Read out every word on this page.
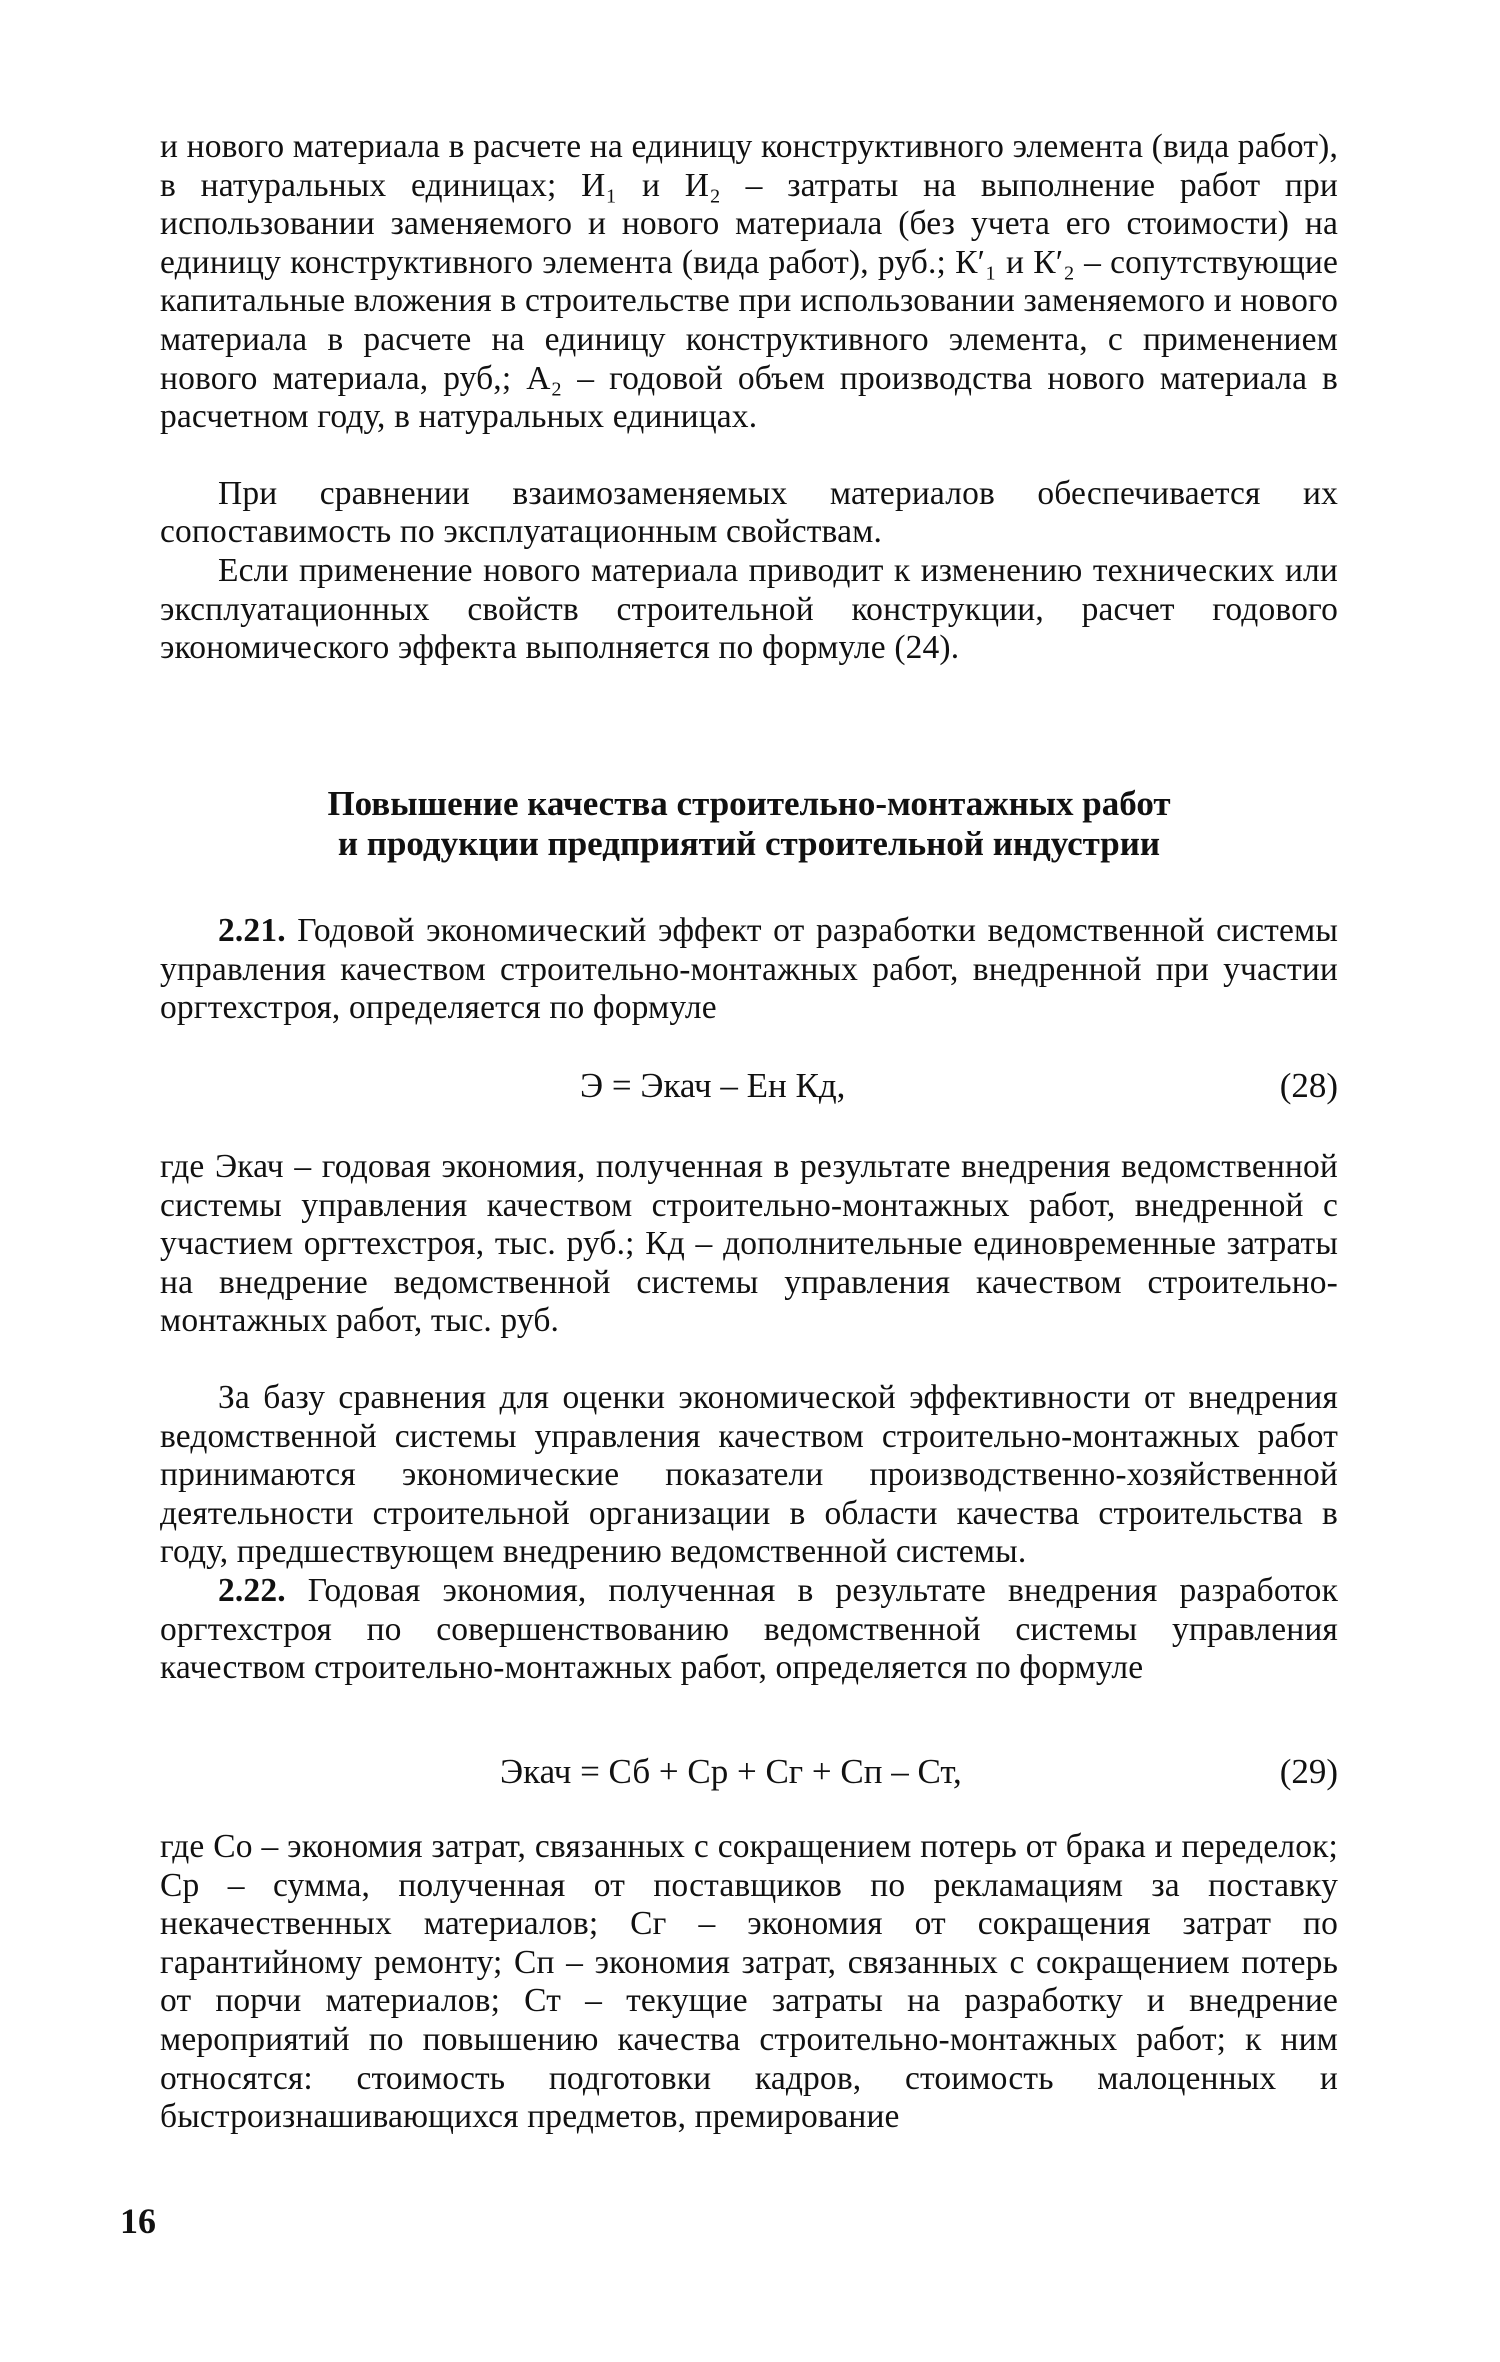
и нового материала в расчете на единицу конструктивного элемента (вида работ), в натуральных единицах; И₁ и И₂ – затраты на выполнение работ при использовании заменяемого и нового материала (без учета его стоимости) на единицу конструктивного элемента (вида работ), руб.; К′₁ и К′₂ – сопутствующие капитальные вложения в строительстве при использовании заменяемого и нового материала в расчете на единицу конструктивного элемента, с применением нового материала, руб,; А₂ – годовой объем производства нового материала в расчетном году, в натуральных единицах.

При сравнении взаимозаменяемых материалов обеспечивается их сопоставимость по эксплуатационным свойствам.

Если применение нового материала приводит к изменению технических или эксплуатационных свойств строительной конструкции, расчет годового экономического эффекта выполняется по формуле (24).

Повышение качества строительно-монтажных работ
и продукции предприятий строительной индустрии

2.21. Годовой экономический эффект от разработки ведомственной системы управления качеством строительно-монтажных работ, внедренной при участии оргтехстроя, определяется по формуле

Э = Экач – Ен Кд,	(28)

где Экач – годовая экономия, полученная в результате внедрения ведомственной системы управления качеством строительно-монтажных работ, внедренной с участием оргтехстроя, тыс. руб.; Кд – дополнительные единовременные затраты на внедрение ведомственной системы управления качеством строительно-монтажных работ, тыс. руб.

За базу сравнения для оценки экономической эффективности от внедрения ведомственной системы управления качеством строительно-монтажных работ принимаются экономические показатели производственно-хозяйственной деятельности строительной организации в области качества строительства в году, предшествующем внедрению ведомственной системы.

2.22. Годовая экономия, полученная в результате внедрения разработок оргтехстроя по совершенствованию ведомственной системы управления качеством строительно-монтажных работ, определяется по формуле

Экач = Сб + Ср + Сг + Сп – Ст,	(29)

где Со – экономия затрат, связанных с сокращением потерь от брака и переделок; Ср – сумма, полученная от поставщиков по рекламациям за поставку некачественных материалов; Сг – экономия от сокращения затрат по гарантийному ремонту; Сп – экономия затрат, связанных с сокращением потерь от порчи материалов; Ст – текущие затраты на разработку и внедрение мероприятий по повышению качества строительно-монтажных работ; к ним относятся: стоимость подготовки кадров, стоимость малоценных и быстроизнашивающихся предметов, премирование

16
